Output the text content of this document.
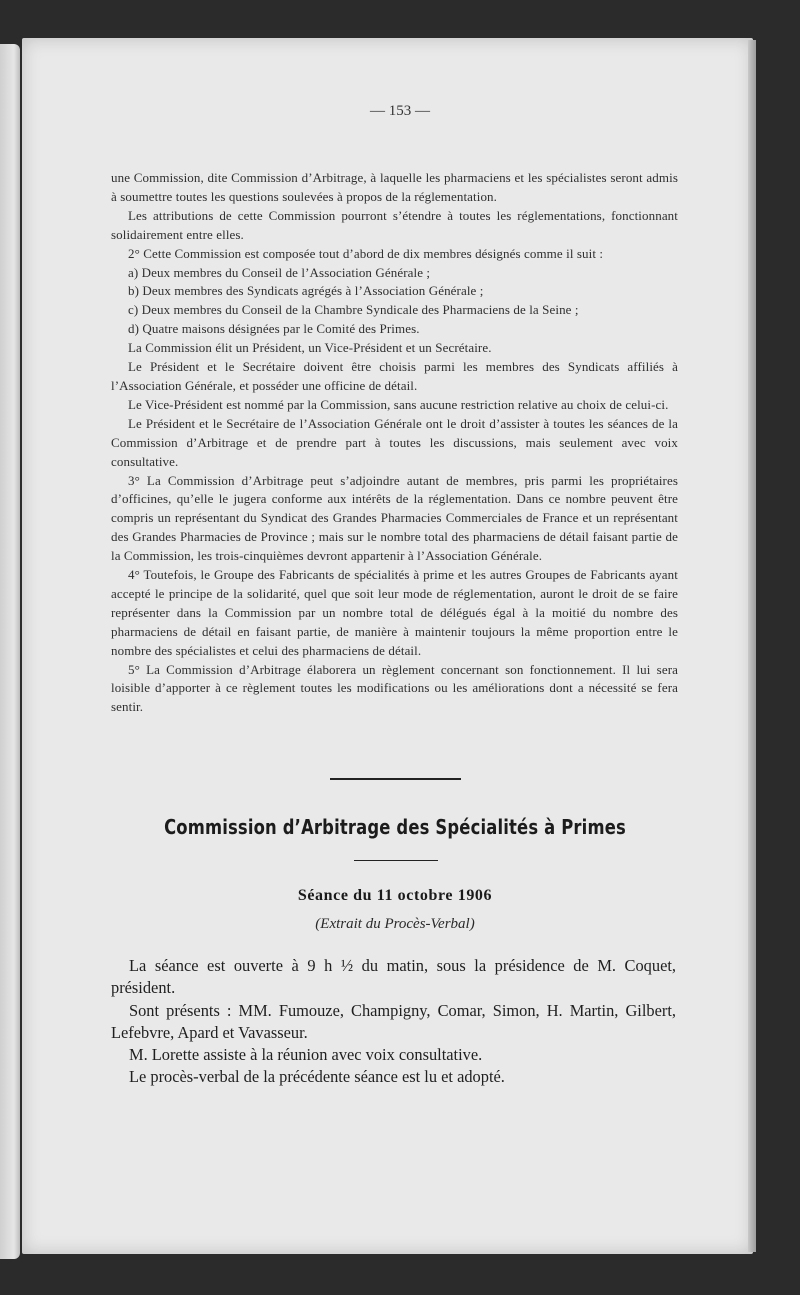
— 153 —

une Commission, dite Commission d’Arbitrage, à laquelle les pharmaciens et les spécialistes seront admis à soumettre toutes les questions soulevées à propos de la réglementation.

Les attributions de cette Commission pourront s’étendre à toutes les réglementations, fonctionnant solidairement entre elles.

2° Cette Commission est composée tout d’abord de dix membres désignés comme il suit :

a) Deux membres du Conseil de l’Association Générale ;

b) Deux membres des Syndicats agrégés à l’Association Générale ;

c) Deux membres du Conseil de la Chambre Syndicale des Pharmaciens de la Seine ;

d) Quatre maisons désignées par le Comité des Primes.

La Commission élit un Président, un Vice-Président et un Secrétaire.

Le Président et le Secrétaire doivent être choisis parmi les membres des Syndicats affiliés à l’Association Générale, et posséder une officine de détail.

Le Vice-Président est nommé par la Commission, sans aucune restriction relative au choix de celui-ci.

Le Président et le Secrétaire de l’Association Générale ont le droit d’assister à toutes les séances de la Commission d’Arbitrage et de prendre part à toutes les discussions, mais seulement avec voix consultative.

3° La Commission d’Arbitrage peut s’adjoindre autant de membres, pris parmi les propriétaires d’officines, qu’elle le jugera conforme aux intérêts de la réglementation. Dans ce nombre peuvent être compris un représentant du Syndicat des Grandes Pharmacies Commerciales de France et un représentant des Grandes Pharmacies de Province ; mais sur le nombre total des pharmaciens de détail faisant partie de la Commission, les trois-cinquièmes devront appartenir à l’Association Générale.

4° Toutefois, le Groupe des Fabricants de spécialités à prime et les autres Groupes de Fabricants ayant accepté le principe de la solidarité, quel que soit leur mode de réglementation, auront le droit de se faire représenter dans la Commission par un nombre total de délégués égal à la moitié du nombre des pharmaciens de détail en faisant partie, de manière à maintenir toujours la même proportion entre le nombre des spécialistes et celui des pharmaciens de détail.

5° La Commission d’Arbitrage élaborera un règlement concernant son fonctionnement. Il lui sera loisible d’apporter à ce règlement toutes les modifications ou les améliorations dont a nécessité se fera sentir.

Commission d’Arbitrage des Spécialités à Primes
Séance du 11 octobre 1906
(Extrait du Procès-Verbal)

La séance est ouverte à 9 h ½ du matin, sous la présidence de M. Coquet, président.

Sont présents : MM. Fumouze, Champigny, Comar, Simon, H. Martin, Gilbert, Lefebvre, Apard et Vavasseur.

M. Lorette assiste à la réunion avec voix consultative.

Le procès-verbal de la précédente séance est lu et adopté.
